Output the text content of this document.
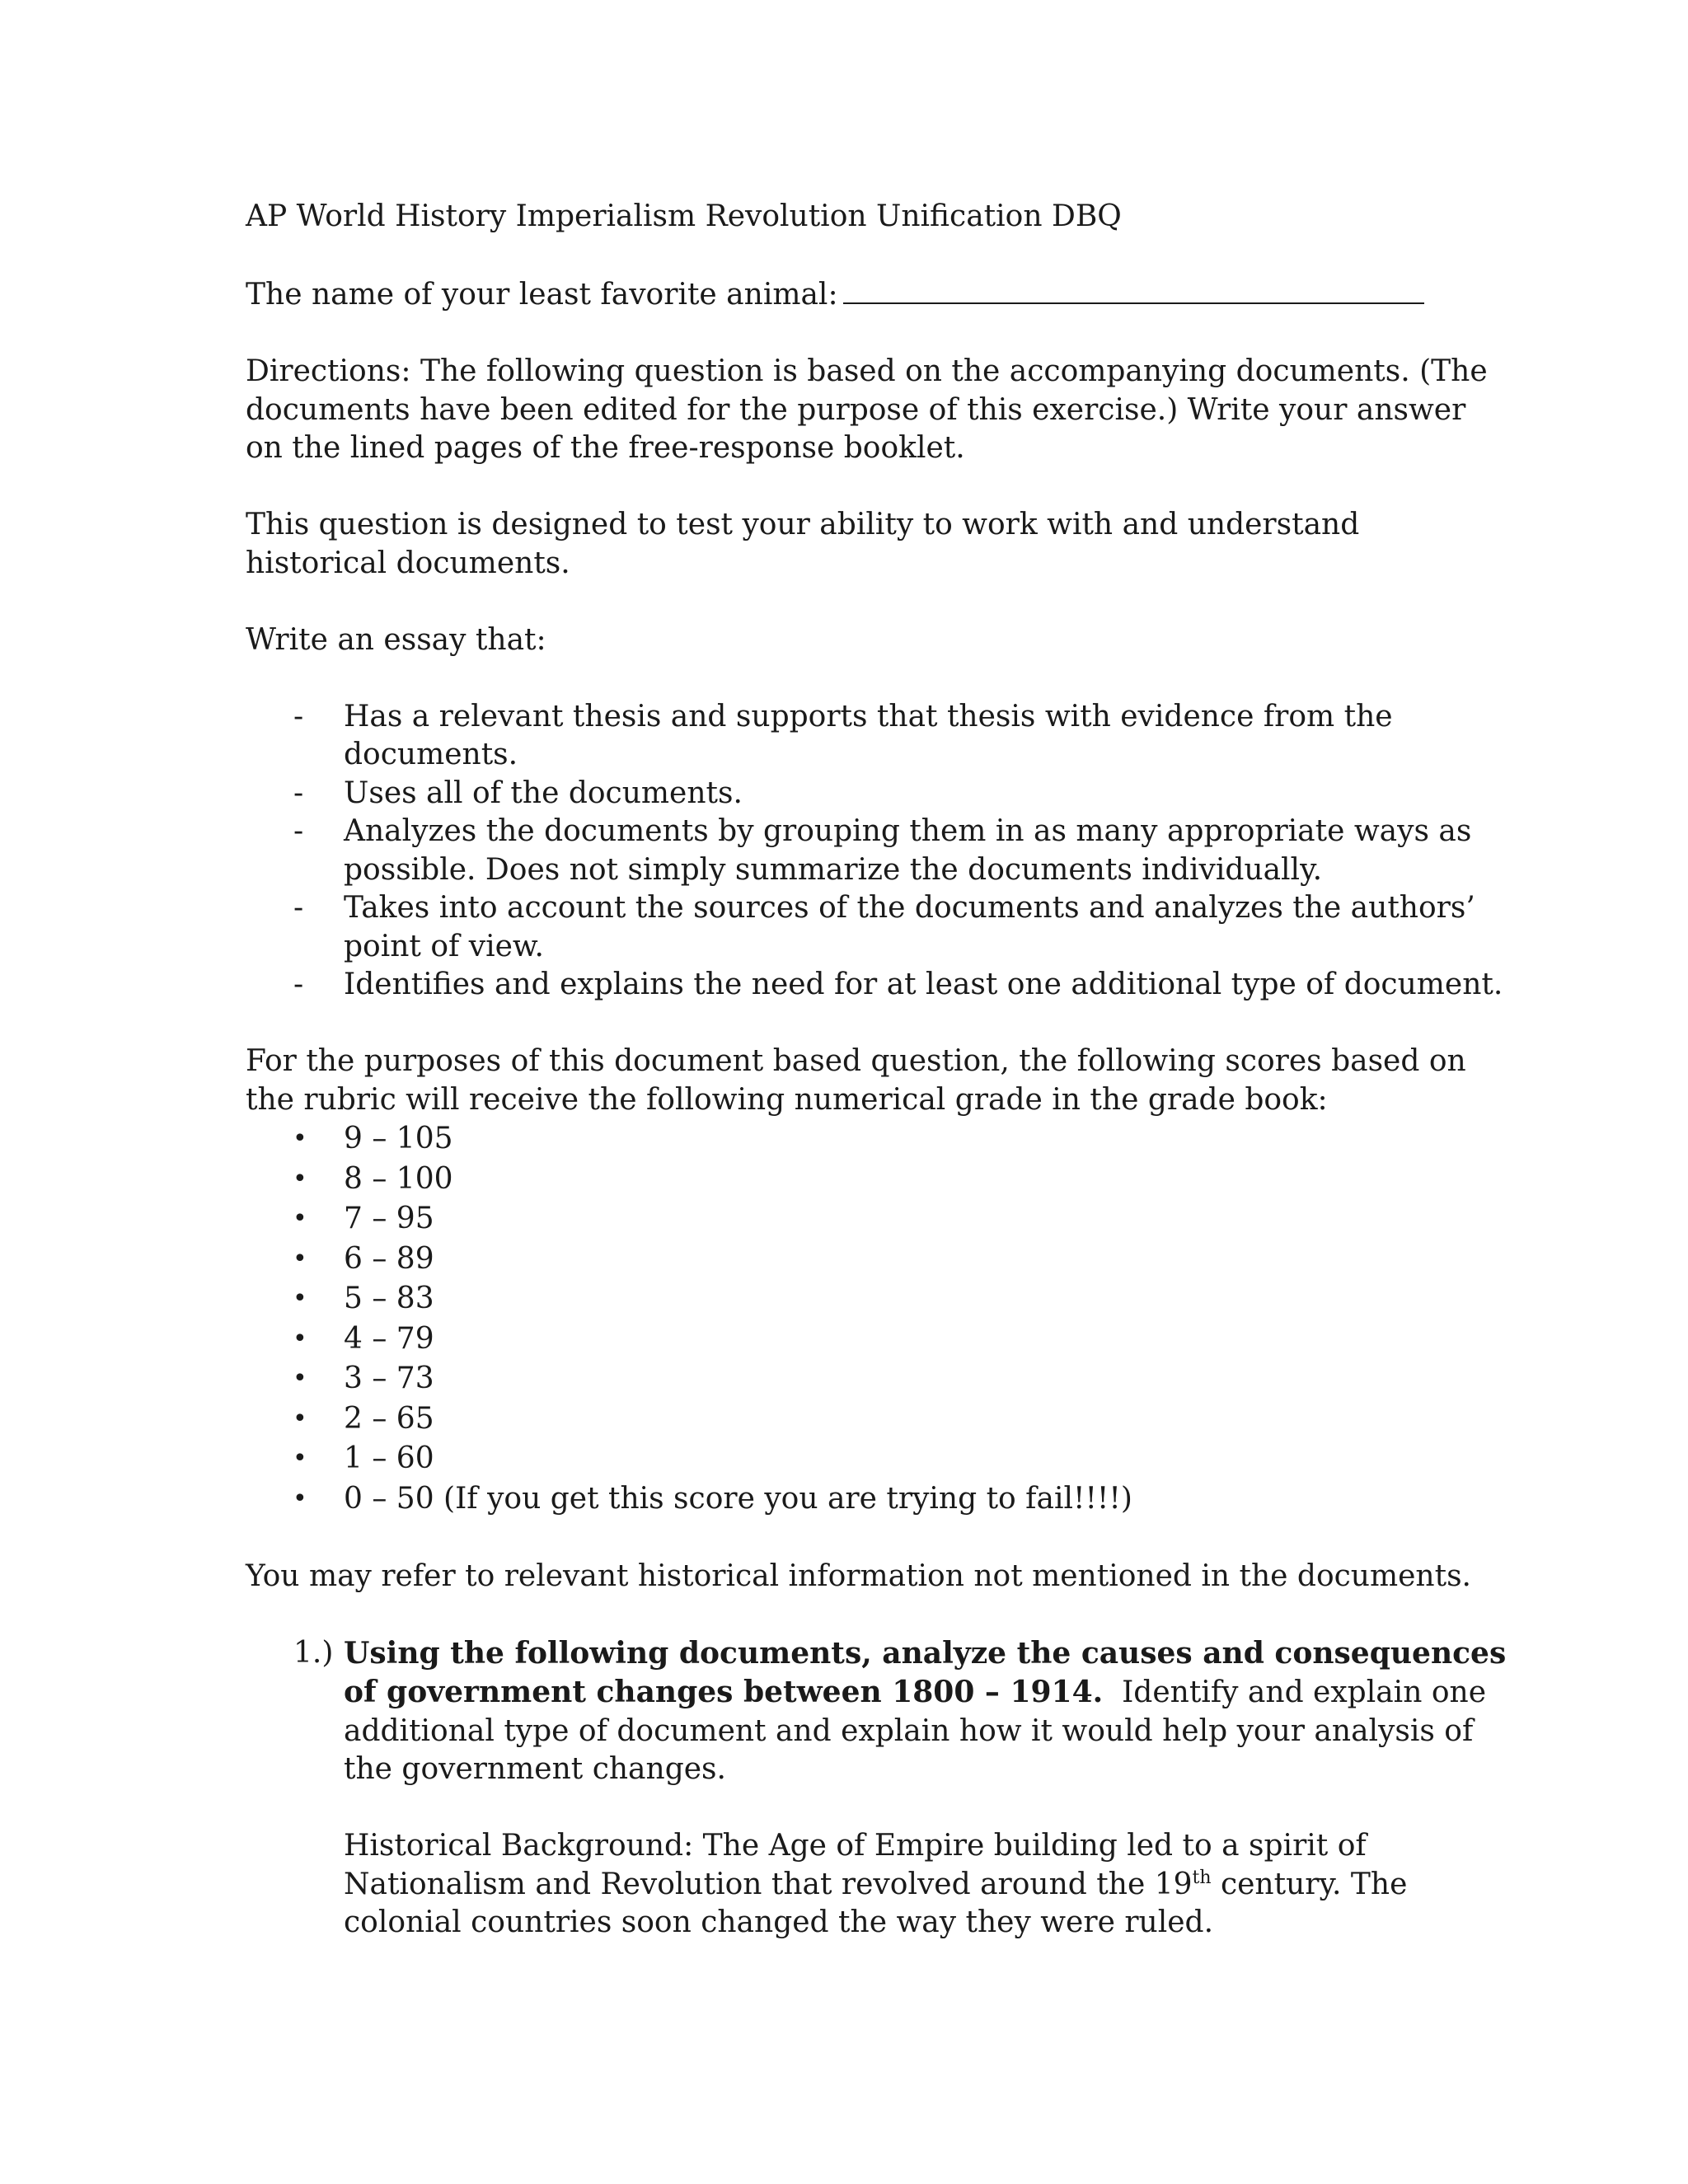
AP World History Imperialism Revolution Unification DBQ

The name of your least favorite animal:

Directions: The following question is based on the accompanying documents. (The documents have been edited for the purpose of this exercise.) Write your answer on the lined pages of the free-response booklet.

This question is designed to test your ability to work with and understand historical documents.

Write an essay that:

- Has a relevant thesis and supports that thesis with evidence from the documents.
- Uses all of the documents.
- Analyzes the documents by grouping them in as many appropriate ways as possible. Does not simply summarize the documents individually.
- Takes into account the sources of the documents and analyzes the authors’ point of view.
- Identifies and explains the need for at least one additional type of document.

For the purposes of this document based question, the following scores based on the rubric will receive the following numerical grade in the grade book:

• 9 – 105
• 8 – 100
• 7 – 95
• 6 – 89
• 5 – 83
• 4 – 79
• 3 – 73
• 2 – 65
• 1 – 60
• 0 – 50 (If you get this score you are trying to fail!!!!)

You may refer to relevant historical information not mentioned in the documents.

1.) Using the following documents, analyze the causes and consequences of government changes between 1800 – 1914. Identify and explain one additional type of document and explain how it would help your analysis of the government changes.

Historical Background: The Age of Empire building led to a spirit of Nationalism and Revolution that revolved around the 19th century. The colonial countries soon changed the way they were ruled.
